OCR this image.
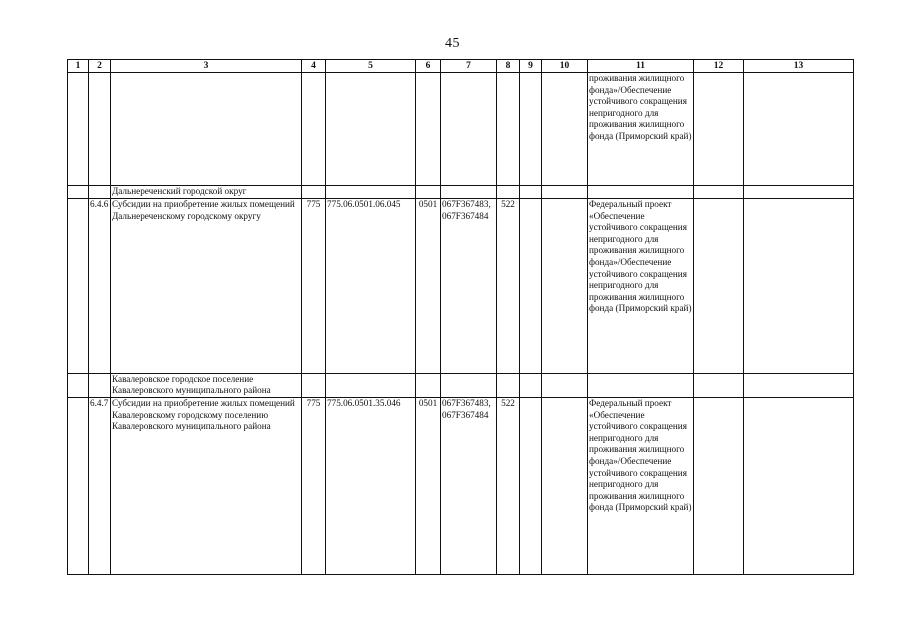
45
1	2	3	4	5	6	7	8	9	10	11	12	13
										проживания жилищного фонда»/Обеспечение устойчивого сокращения непригодного для проживания жилищного фонда (Приморский край)		
		Дальнереченский городской округ										
	6.4.6	Субсидии на приобретение жилых помещений Дальнереченскому городскому округу	775	775.06.0501.06.045	0501	067F367483, 067F367484	522			Федеральный проект «Обеспечение устойчивого сокращения непригодного для проживания жилищного фонда»/Обеспечение устойчивого сокращения непригодного для проживания жилищного фонда (Приморский край)		
		Кавалеровское городское поселение Кавалеровского муниципального района										
	6.4.7	Субсидии на приобретение жилых помещений Кавалеровскому городскому поселению Кавалеровского муниципального района	775	775.06.0501.35.046	0501	067F367483, 067F367484	522			Федеральный проект «Обеспечение устойчивого сокращения непригодного для проживания жилищного фонда»/Обеспечение устойчивого сокращения непригодного для проживания жилищного фонда (Приморский край)		
